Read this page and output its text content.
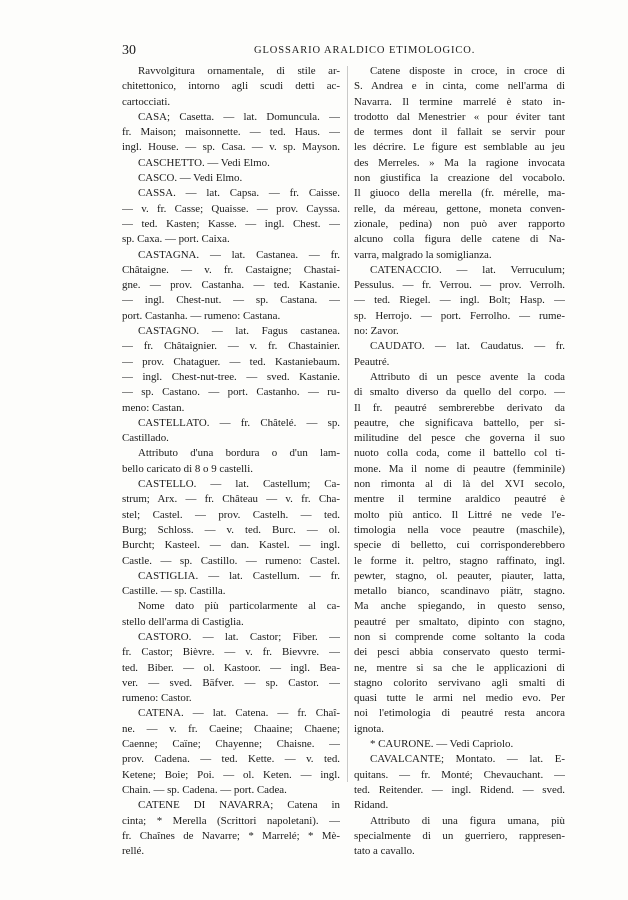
30	GLOSSARIO ARALDICO ETIMOLOGICO.
Ravvolgitura ornamentale, di stile ar-
chitettonico, intorno agli scudi detti ac-
cartocciati.
CASA; Casetta. — lat. Domuncula. —
fr. Maison; maisonnette. — ted. Haus. —
ingl. House. — sp. Casa. — v. sp. Mayson.
CASCHETTO. — Vedi Elmo.
CASCO. — Vedi Elmo.
CASSA. — lat. Capsa. — fr. Caisse.
— v. fr. Casse; Quaisse. — prov. Cayssa.
— ted. Kasten; Kasse. — ingl. Chest. —
sp. Caxa. — port. Caixa.
CASTAGNA. — lat. Castanea. — fr.
Châtaigne. — v. fr. Castaigne; Chastai-
gne. — prov. Castanha. — ted. Kastanie.
— ingl. Chest-nut. — sp. Castana. —
port. Castanha. — rumeno: Castana.
CASTAGNO. — lat. Fagus castanea.
— fr. Châtaignier. — v. fr. Chastainier.
— prov. Chataguer. — ted. Kastaniebaum.
— ingl. Chest-nut-tree. — sved. Kastanie.
— sp. Castano. — port. Castanho. — ru-
meno: Castan.
CASTELLATO. — fr. Châtelé. — sp.
Castillado.
Attributo d'una bordura o d'un lam-
bello caricato di 8 o 9 castelli.
CASTELLO. — lat. Castellum; Ca-
strum; Arx. — fr. Château — v. fr. Cha-
stel; Castel. — prov. Castelh. — ted.
Burg; Schloss. — v. ted. Burc. — ol.
Burcht; Kasteel. — dan. Kastel. — ingl.
Castle. — sp. Castillo. — rumeno: Castel.
CASTIGLIA. — lat. Castellum. — fr.
Castille. — sp. Castilla.
Nome dato più particolarmente al ca-
stello dell'arma di Castiglia.
CASTORO. — lat. Castor; Fiber. —
fr. Castor; Bièvre. — v. fr. Bievvre. —
ted. Biber. — ol. Kastoor. — ingl. Bea-
ver. — sved. Bäfver. — sp. Castor. —
rumeno: Castor.
CATENA. — lat. Catena. — fr. Chaî-
ne. — v. fr. Caeine; Chaaine; Chaene;
Caenne; Caïne; Chayenne; Chaisne. —
prov. Cadena. — ted. Kette. — v. ted.
Ketene; Boie; Poi. — ol. Keten. — ingl.
Chain. — sp. Cadena. — port. Cadea.
CATENE DI NAVARRA; Catena in
cinta; * Merella (Scrittori napoletani). —
fr. Chaînes de Navarre; * Marrelé; * Mè-
rellé.
Catene disposte in croce, in croce di
S. Andrea e in cinta, come nell'arma di
Navarra. Il termine marrelé è stato in-
trodotto dal Menestrier « pour éviter tant
de termes dont il fallait se servir pour
les décrire. Le figure est semblable au jeu
des Merreles. » Ma la ragione invocata
non giustifica la creazione del vocabolo.
Il giuoco della merella (fr. mérelle, ma-
relle, da méreau, gettone, moneta conven-
zionale, pedina) non può aver rapporto
alcuno colla figura delle catene di Na-
varra, malgrado la somiglianza.
CATENACCIO. — lat. Verruculum;
Pessulus. — fr. Verrou. — prov. Verrolh.
— ted. Riegel. — ingl. Bolt; Hasp. —
sp. Herrojo. — port. Ferrolho. — rume-
no: Zavor.
CAUDATO. — lat. Caudatus. — fr.
Peautré.
Attributo di un pesce avente la coda
di smalto diverso da quello del corpo. —
Il fr. peautré sembrerebbe derivato da
peautre, che significava battello, per si-
militudine del pesce che governa il suo
nuoto colla coda, come il battello col ti-
mone. Ma il nome di peautre (femminile)
non rimonta al di là del XVI secolo,
mentre il termine araldico peautré è
molto più antico. Il Littré ne vede l'e-
timologia nella voce peautre (maschile),
specie di belletto, cui corrisponderebbero
le forme it. peltro, stagno raffinato, ingl.
pewter, stagno, ol. peauter, piauter, latta,
metallo bianco, scandinavo piätr, stagno.
Ma anche spiegando, in questo senso,
peautré per smaltato, dipinto con stagno,
non si comprende come soltanto la coda
dei pesci abbia conservato questo termi-
ne, mentre si sa che le applicazioni di
stagno colorito servivano agli smalti di
quasi tutte le armi nel medio evo. Per
noi l'etimologia di peautré resta ancora
ignota.
* CAURONE. — Vedi Capriolo.
CAVALCANTE; Montato. — lat. E-
quitans. — fr. Monté; Chevauchant. —
ted. Reitender. — ingl. Ridend. — sved.
Ridand.
Attributo di una figura umana, più
specialmente di un guerriero, rappresen-
tato a cavallo.
